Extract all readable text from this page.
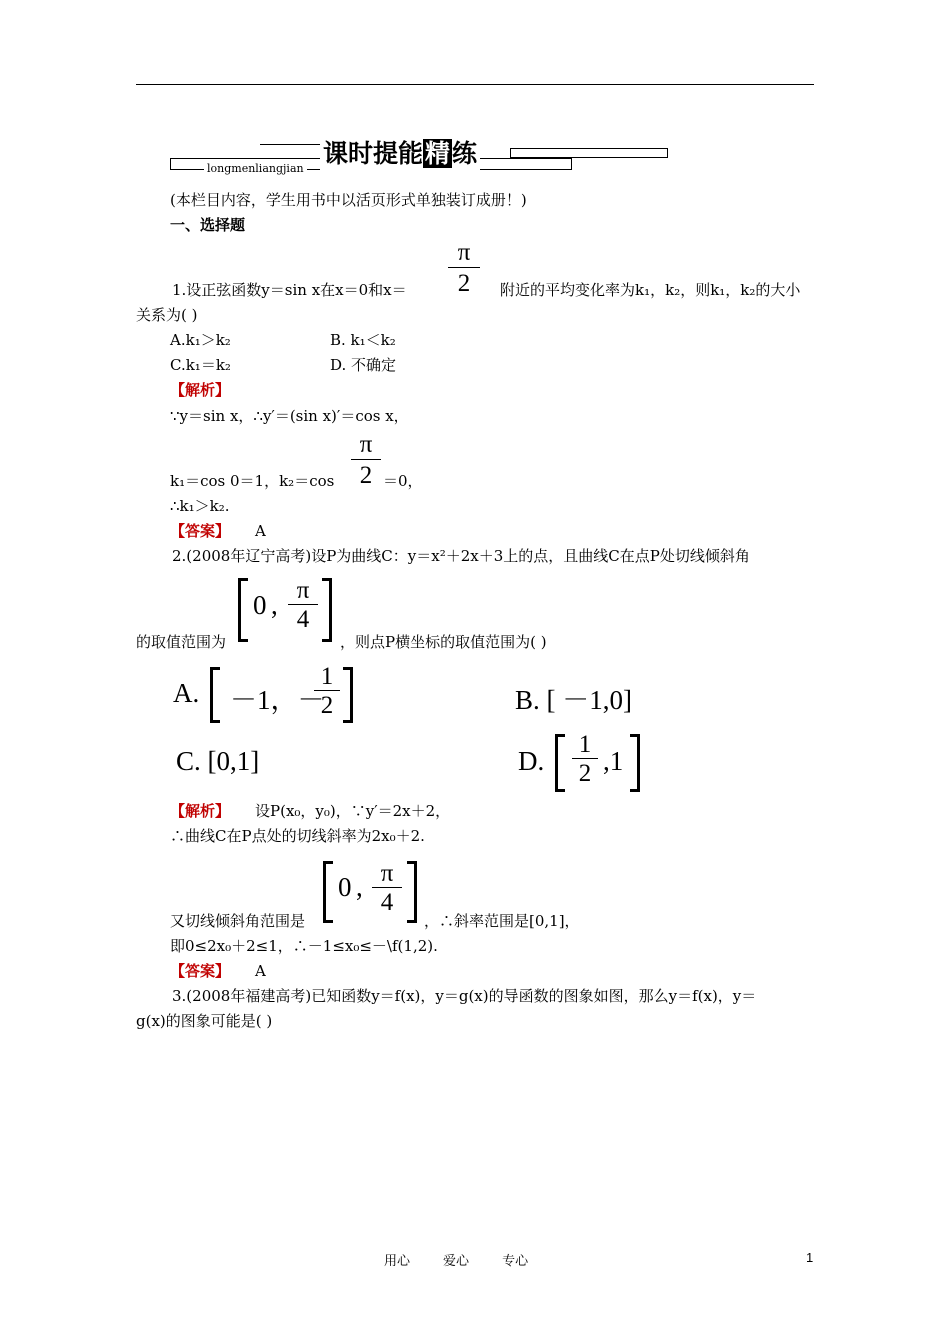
longmenliangjian
课时提能精练
(本栏目内容，学生用书中以活页形式单独装订成册！)
一、选择题
π
2
1.设正弦函数y＝sin x在x＝0和x＝	附近的平均变化率为k₁，k₂，则k₁，k₂的大小
关系为( )
A.k₁＞k₂	B. k₁＜k₂
C.k₁＝k₂	D. 不确定
【解析】
∵y＝sin x，∴y′＝(sin x)′＝cos x，
π
2
k₁＝cos 0＝1，k₂＝cos	＝0，
∴k₁＞k₂.
【答案】 A
2.(2008年辽宁高考)设P为曲线C：y＝x²＋2x＋3上的点，且曲线C在点P处切线倾斜角
0 , π
4
的取值范围为	，则点P横坐标的取值范围为( )
A. －1，－
1
2	B. [ －1,0]
C. [0,1]	D.
1
2 ,1
【解析】 设P(x₀，y₀)，∵y′＝2x＋2，
∴曲线C在P点处的切线斜率为2x₀＋2.
0 , π
4
又切线倾斜角范围是	，∴斜率范围是[0,1]，
即0≤2x₀＋2≤1，∴－1≤x₀≤－\f(1,2).
【答案】 A
3.(2008年福建高考)已知函数y＝f(x)，y＝g(x)的导函数的图象如图，那么y＝f(x)，y＝
g(x)的图象可能是( )
用心        爱心        专心	1
